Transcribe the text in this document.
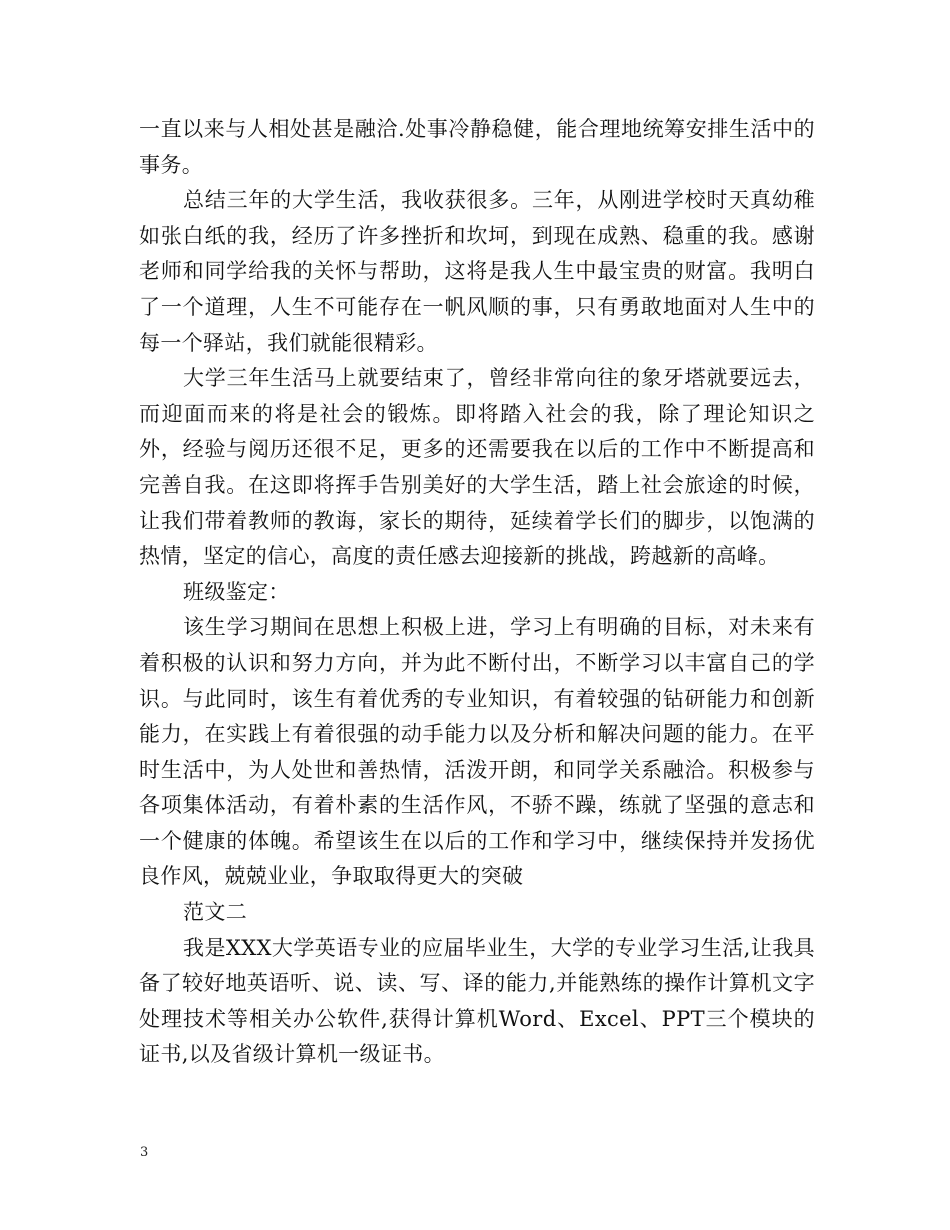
一直以来与人相处甚是融洽.处事冷静稳健，能合理地统筹安排生活中的事务。

总结三年的大学生活，我收获很多。三年，从刚进学校时天真幼稚如张白纸的我，经历了许多挫折和坎坷，到现在成熟、稳重的我。感谢老师和同学给我的关怀与帮助，这将是我人生中最宝贵的财富。我明白了一个道理，人生不可能存在一帆风顺的事，只有勇敢地面对人生中的每一个驿站，我们就能很精彩。

大学三年生活马上就要结束了，曾经非常向往的象牙塔就要远去，而迎面而来的将是社会的锻炼。即将踏入社会的我，除了理论知识之外，经验与阅历还很不足，更多的还需要我在以后的工作中不断提高和完善自我。在这即将挥手告别美好的大学生活，踏上社会旅途的时候，让我们带着教师的教诲，家长的期待，延续着学长们的脚步，以饱满的热情，坚定的信心，高度的责任感去迎接新的挑战，跨越新的高峰。

班级鉴定：

该生学习期间在思想上积极上进，学习上有明确的目标，对未来有着积极的认识和努力方向，并为此不断付出，不断学习以丰富自己的学识。与此同时，该生有着优秀的专业知识，有着较强的钻研能力和创新能力，在实践上有着很强的动手能力以及分析和解决问题的能力。在平时生活中，为人处世和善热情，活泼开朗，和同学关系融洽。积极参与各项集体活动，有着朴素的生活作风，不骄不躁，练就了坚强的意志和一个健康的体魄。希望该生在以后的工作和学习中，继续保持并发扬优良作风，兢兢业业，争取取得更大的突破

范文二

我是XXX大学英语专业的应届毕业生，大学的专业学习生活,让我具备了较好地英语听、说、读、写、译的能力,并能熟练的操作计算机文字处理技术等相关办公软件,获得计算机Word、Excel、PPT三个模块的证书,以及省级计算机一级证书。

3
